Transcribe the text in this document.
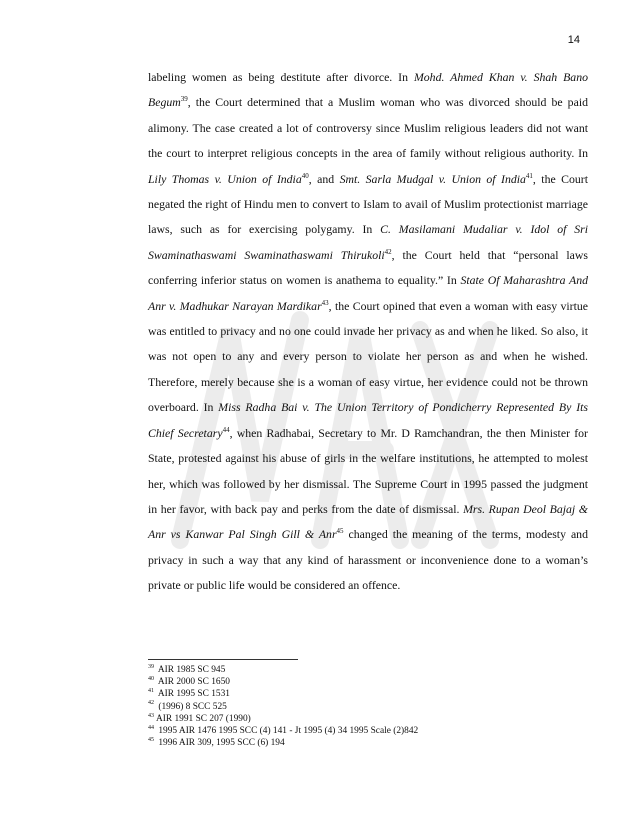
14

labeling women as being destitute after divorce. In Mohd. Ahmed Khan v. Shah Bano Begum$^{39}$, the Court determined that a Muslim woman who was divorced should be paid alimony. The case created a lot of controversy since Muslim religious leaders did not want the court to interpret religious concepts in the area of family without religious authority. In Lily Thomas v. Union of India$^{40}$, and Smt. Sarla Mudgal v. Union of India$^{41}$, the Court negated the right of Hindu men to convert to Islam to avail of Muslim protectionist marriage laws, such as for exercising polygamy. In C. Masilamani Mudaliar v. Idol of Sri Swaminathaswami Swaminathaswami Thirukoli$^{42}$, the Court held that “personal laws conferring inferior status on women is anathema to equality.” In State Of Maharashtra And Anr v. Madhukar Narayan Mardikar$^{43}$, the Court opined that even a woman with easy virtue was entitled to privacy and no one could invade her privacy as and when he liked. So also, it was not open to any and every person to violate her person as and when he wished. Therefore, merely because she is a woman of easy virtue, her evidence could not be thrown overboard. In Miss Radha Bai v. The Union Territory of Pondicherry Represented By Its Chief Secretary$^{44}$, when Radhabai, Secretary to Mr. D Ramchandran, the then Minister for State, protested against his abuse of girls in the welfare institutions, he attempted to molest her, which was followed by her dismissal. The Supreme Court in 1995 passed the judgment in her favor, with back pay and perks from the date of dismissal. Mrs. Rupan Deol Bajaj & Anr vs Kanwar Pal Singh Gill & Anr$^{45}$ changed the meaning of the terms, modesty and privacy in such a way that any kind of harassment or inconvenience done to a woman’s private or public life would be considered an offence.

$^{39}$ AIR 1985 SC 945
$^{40}$ AIR 2000 SC 1650
$^{41}$ AIR 1995 SC 1531
$^{42}$ (1996) 8 SCC 525
$^{43}$ AIR 1991 SC 207 (1990)
$^{44}$ 1995 AIR 1476 1995 SCC (4) 141 - Jt 1995 (4) 34 1995 Scale (2)842
$^{45}$ 1996 AIR 309, 1995 SCC (6) 194
